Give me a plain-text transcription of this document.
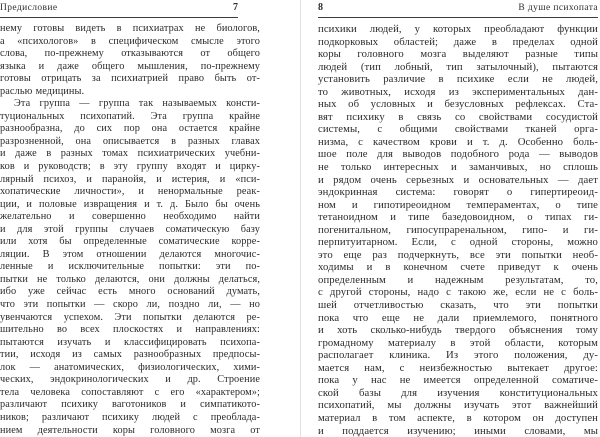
Предисловие	7
нему готовы видеть в психиатрах не биологов,
а «психологов» в специфическом смысле этого
слова, по-прежнему отказываются от общего
языка и даже общего мышления, по-прежнему
готовы отрицать за психиатрией право быть от-
раслью медицины.
Эта группа — группа так называемых консти-
туциональных психопатий. Эта группа крайне
разнообразна, до сих пор она остается крайне
разрозненной, она описывается в разных главах
и даже в разных томах психиатрических учебни-
ков и руководств; в эту группу входят и цирку-
лярный психоз, и паранойя, и истерия, и «пси-
хопатические личности», и ненормальные реак-
ции, и половые извращения и т. д. Было бы очень
желательно и совершенно необходимо найти
и для этой группы случаев соматическую базу
или хотя бы определенные соматические корре-
ляции. В этом отношении делаются многочис-
ленные и исключительные попытки: эти по-
пытки не только делаются, они должны делаться,
ибо уже сейчас есть много оснований думать,
что эти попытки — скоро ли, поздно ли, — но
увенчаются успехом. Эти попытки делаются ре-
шительно во всех плоскостях и направлениях:
пытаются изучать и классифицировать психопа-
тии, исходя из самых разнообразных предпосы-
лок — анатомических, физиологических, хими-
ческих, эндокринологических и др. Строение
тела человека сопоставляют с его «характером»;
различают психику ваготоников и симпатикото-
ников; различают психику людей с преоблада-
нием деятельности коры головного мозга от
8	В душе психопата
психики людей, у которых преобладают функции
подкорковых областей; даже в пределах одной
коры головного мозга выделяют разные типы
людей (тип лобный, тип затылочный), пытаются
установить различие в психике если не людей,
то животных, исходя из экспериментальных дан-
ных об условных и безусловных рефлексах. Ста-
вят психику в связь со свойствами сосудистой
системы, с общими свойствами тканей орга-
низма, с качеством крови и т. д. Особенно боль-
шое поле для выводов подобного рода — выводов
не только интересных и заманчивых, но сплошь
и рядом очень серьезных и основательных — дает
эндокринная система: говорят о гипертиреоид-
ном и гипотиреоидном темпераментах, о типе
тетаноидном и типе базедовоидном, о типах ги-
погенитальном, гипосупраренальном, гипо- и ги-
перпитуитарном. Если, с одной стороны, можно
это еще раз подчеркнуть, все эти попытки необ-
ходимы и в конечном счете приведут к очень
определенным и надежным результатам, то,
с другой стороны, надо с такою же, если не с боль-
шей отчетливостью сказать, что эти попытки
пока что еще не дали приемлемого, понятного
и хоть сколько-нибудь твердого объяснения тому
громадному материалу в этой области, которым
располагает клиника. Из этого положения, ду-
мается нам, с неизбежностью вытекает другое:
пока у нас не имеется определенной соматиче-
ской базы для изучения конституциональных
психопатий, мы должны изучать этот важнейший
материал в том аспекте, в котором он доступен
и поддается изучению; иными словами, мы
